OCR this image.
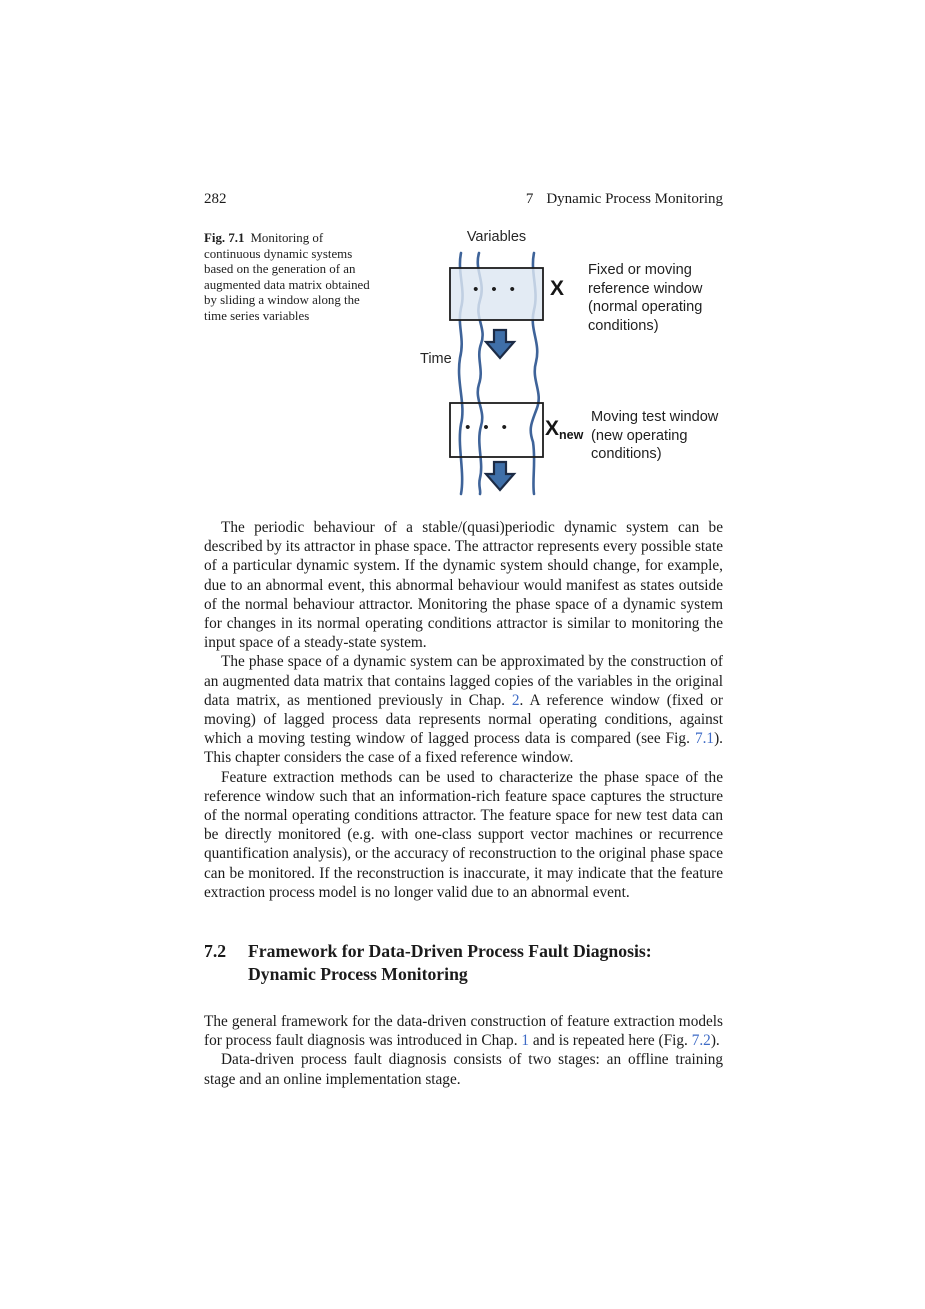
282	7 Dynamic Process Monitoring
Fig. 7.1 Monitoring of continuous dynamic systems based on the generation of an augmented data matrix obtained by sliding a window along the time series variables
Variables
Time
• • •
• • •
X
$X_{new}$
Fixed or moving reference window (normal operating conditions)
Moving test window (new operating conditions)

The periodic behaviour of a stable/(quasi)periodic dynamic system can be described by its attractor in phase space. The attractor represents every possible state of a particular dynamic system. If the dynamic system should change, for example, due to an abnormal event, this abnormal behaviour would manifest as states outside of the normal behaviour attractor. Monitoring the phase space of a dynamic system for changes in its normal operating conditions attractor is similar to monitoring the input space of a steady-state system.

The phase space of a dynamic system can be approximated by the construction of an augmented data matrix that contains lagged copies of the variables in the original data matrix, as mentioned previously in Chap. 2. A reference window (fixed or moving) of lagged process data represents normal operating conditions, against which a moving testing window of lagged process data is compared (see Fig. 7.1). This chapter considers the case of a fixed reference window.

Feature extraction methods can be used to characterize the phase space of the reference window such that an information-rich feature space captures the structure of the normal operating conditions attractor. The feature space for new test data can be directly monitored (e.g. with one-class support vector machines or recurrence quantification analysis), or the accuracy of reconstruction to the original phase space can be monitored. If the reconstruction is inaccurate, it may indicate that the feature extraction process model is no longer valid due to an abnormal event.

7.2	Framework for Data-Driven Process Fault Diagnosis:
Dynamic Process Monitoring

The general framework for the data-driven construction of feature extraction models for process fault diagnosis was introduced in Chap. 1 and is repeated here (Fig. 7.2).

Data-driven process fault diagnosis consists of two stages: an offline training stage and an online implementation stage.
